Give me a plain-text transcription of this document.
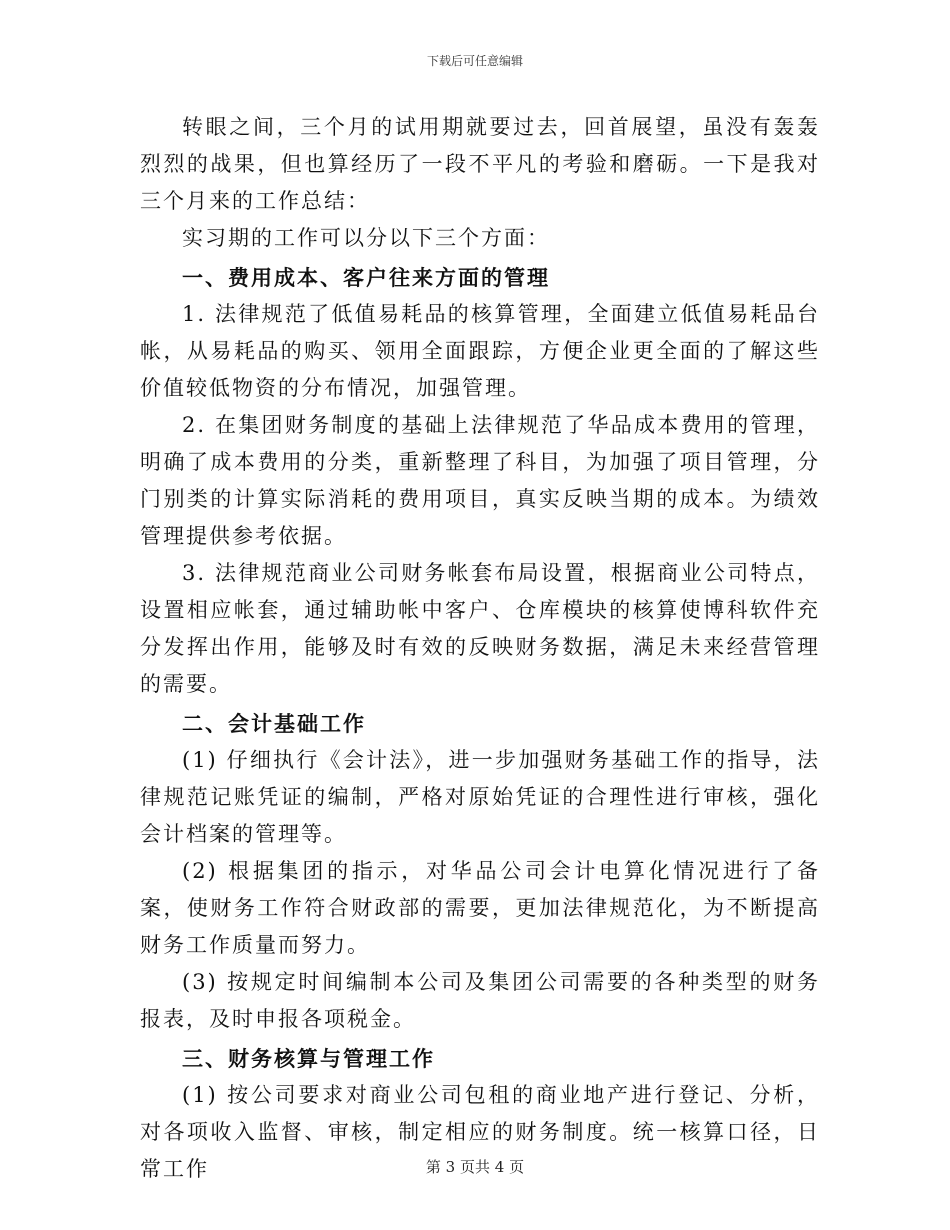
下载后可任意编辑

转眼之间，三个月的试用期就要过去，回首展望，虽没有轰轰烈烈的战果，但也算经历了一段不平凡的考验和磨砺。一下是我对三个月来的工作总结：

实习期的工作可以分以下三个方面：

一、费用成本、客户往来方面的管理

1. 法律规范了低值易耗品的核算管理，全面建立低值易耗品台帐，从易耗品的购买、领用全面跟踪，方便企业更全面的了解这些价值较低物资的分布情况，加强管理。

2. 在集团财务制度的基础上法律规范了华品成本费用的管理，明确了成本费用的分类，重新整理了科目，为加强了项目管理，分门别类的计算实际消耗的费用项目，真实反映当期的成本。为绩效管理提供参考依据。

3. 法律规范商业公司财务帐套布局设置，根据商业公司特点，设置相应帐套，通过辅助帐中客户、仓库模块的核算使博科软件充分发挥出作用，能够及时有效的反映财务数据，满足未来经营管理的需要。

二、会计基础工作

(1) 仔细执行《会计法》，进一步加强财务基础工作的指导，法律规范记账凭证的编制，严格对原始凭证的合理性进行审核，强化会计档案的管理等。

(2) 根据集团的指示，对华品公司会计电算化情况进行了备案，使财务工作符合财政部的需要，更加法律规范化，为不断提高财务工作质量而努力。

(3) 按规定时间编制本公司及集团公司需要的各种类型的财务报表，及时申报各项税金。

三、财务核算与管理工作

(1) 按公司要求对商业公司包租的商业地产进行登记、分析，对各项收入监督、审核，制定相应的财务制度。统一核算口径，日常工作	第 3 页共 4 页
